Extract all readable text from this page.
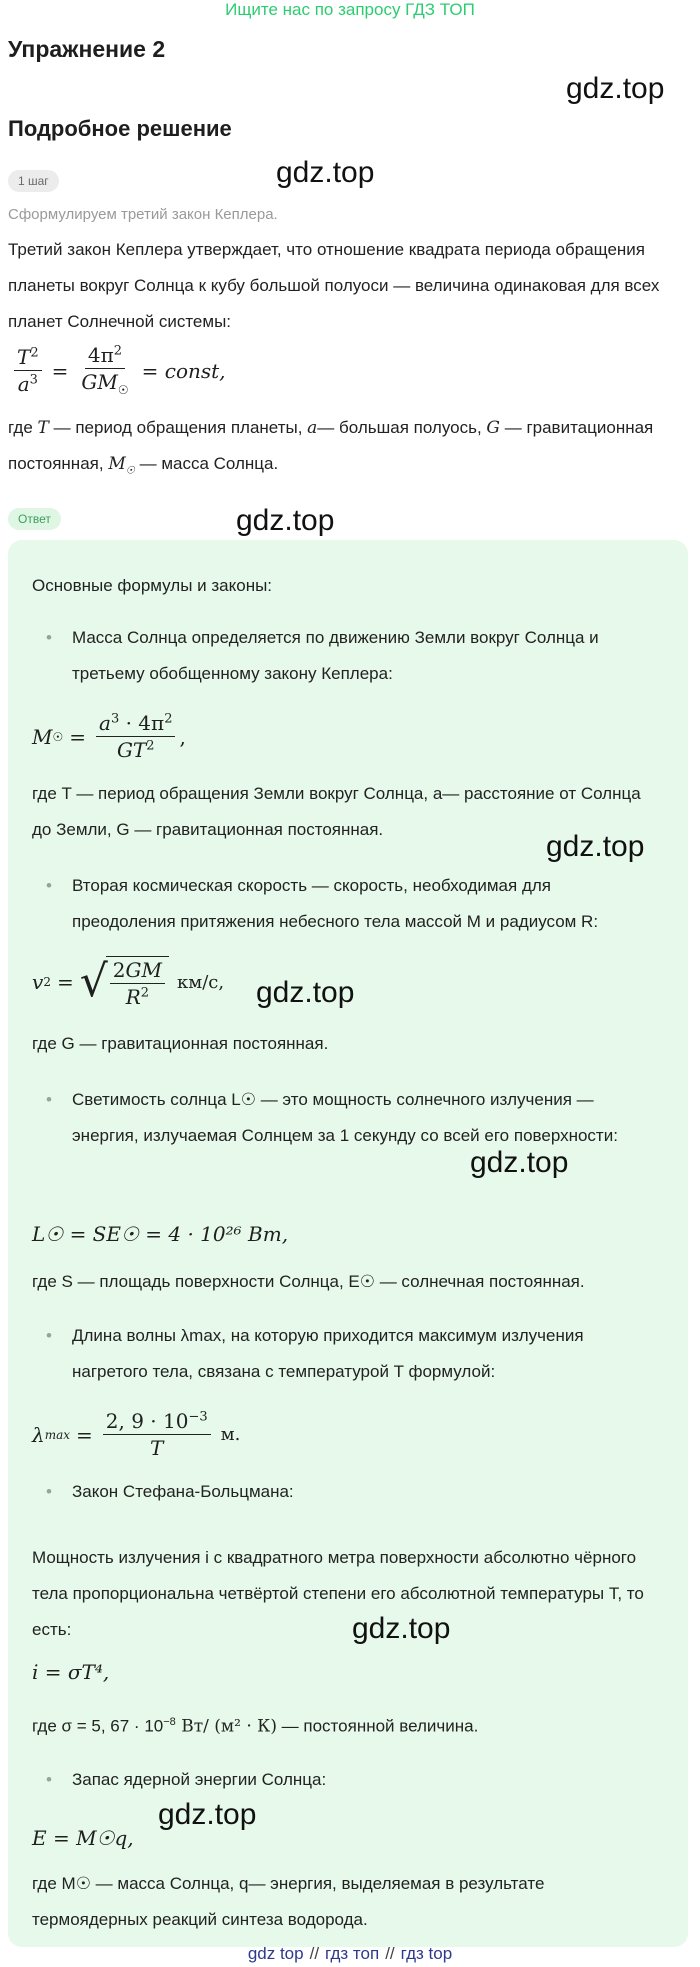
Ищите нас по запросу ГДЗ ТОП
Упражнение 2
gdz.top
Подробное решение
1 шаг	gdz.top
Сформулируем третий закон Кеплера.
Третий закон Кеплера утверждает, что отношение квадрата периода обращения планеты вокруг Солнца к кубу большой полуоси — величина одинаковая для всех планет Солнечной системы:
$\frac{T^2}{a^3} = \frac{4\pi^2}{GM_☉}$ = const,
где T — период обращения планеты, a— большая полуось, G — гравитационная постоянная, $M_☉$ — масса Солнца.
Ответ	gdz.top
Основные формулы и законы:
• Масса Солнца определяется по движению Земли вокруг Солнца и третьему обобщенному закону Кеплера:
M ☉ = $\frac{a^3 \cdot 4\pi^2}{GT^2}$ ,
где T — период обращения Земли вокруг Солнца, a— расстояние от Солнца до Земли, G — гравитационная постоянная.
gdz.top
• Вторая космическая скорость — скорость, необходимая для преодоления притяжения небесного тела массой M и радиусом R:
v 2 = √ $\frac{2GM}{R^2} км/с$, gdz.top
где G — гравитационная постоянная.
• Светимость солнца L☉ — это мощность солнечного излучения — энергия, излучаемая Солнцем за 1 секунду со всей его поверхности:
gdz.top
L☉ = SE☉ = 4 · 10²⁶ Вт,
где S — площадь поверхности Солнца, E☉ — солнечная постоянная.
• Длина волны λmax, на которую приходится максимум излучения нагретого тела, связана с температурой T формулой:
λ $\max = \frac{2, 9 \cdot 10^{-3}}{T} м$.
• Закон Стефана-Больцмана:
Мощность излучения i с квадратного метра поверхности абсолютно чёрного тела пропорциональна четвёртой степени его абсолютной температуры Т, то есть:	gdz.top
i = σT⁴,
где σ = 5, $67 \cdot 10^{-8}$ Вт/ (м² · К) — постоянной величина.
• Запас ядерной энергии Солнца:
gdz.top
E = M☉q,
где M☉ — масса Солнца, q— энергия, выделяемая в результате термоядерных реакций синтеза водорода.
gdz top // гдз топ // гдз top
